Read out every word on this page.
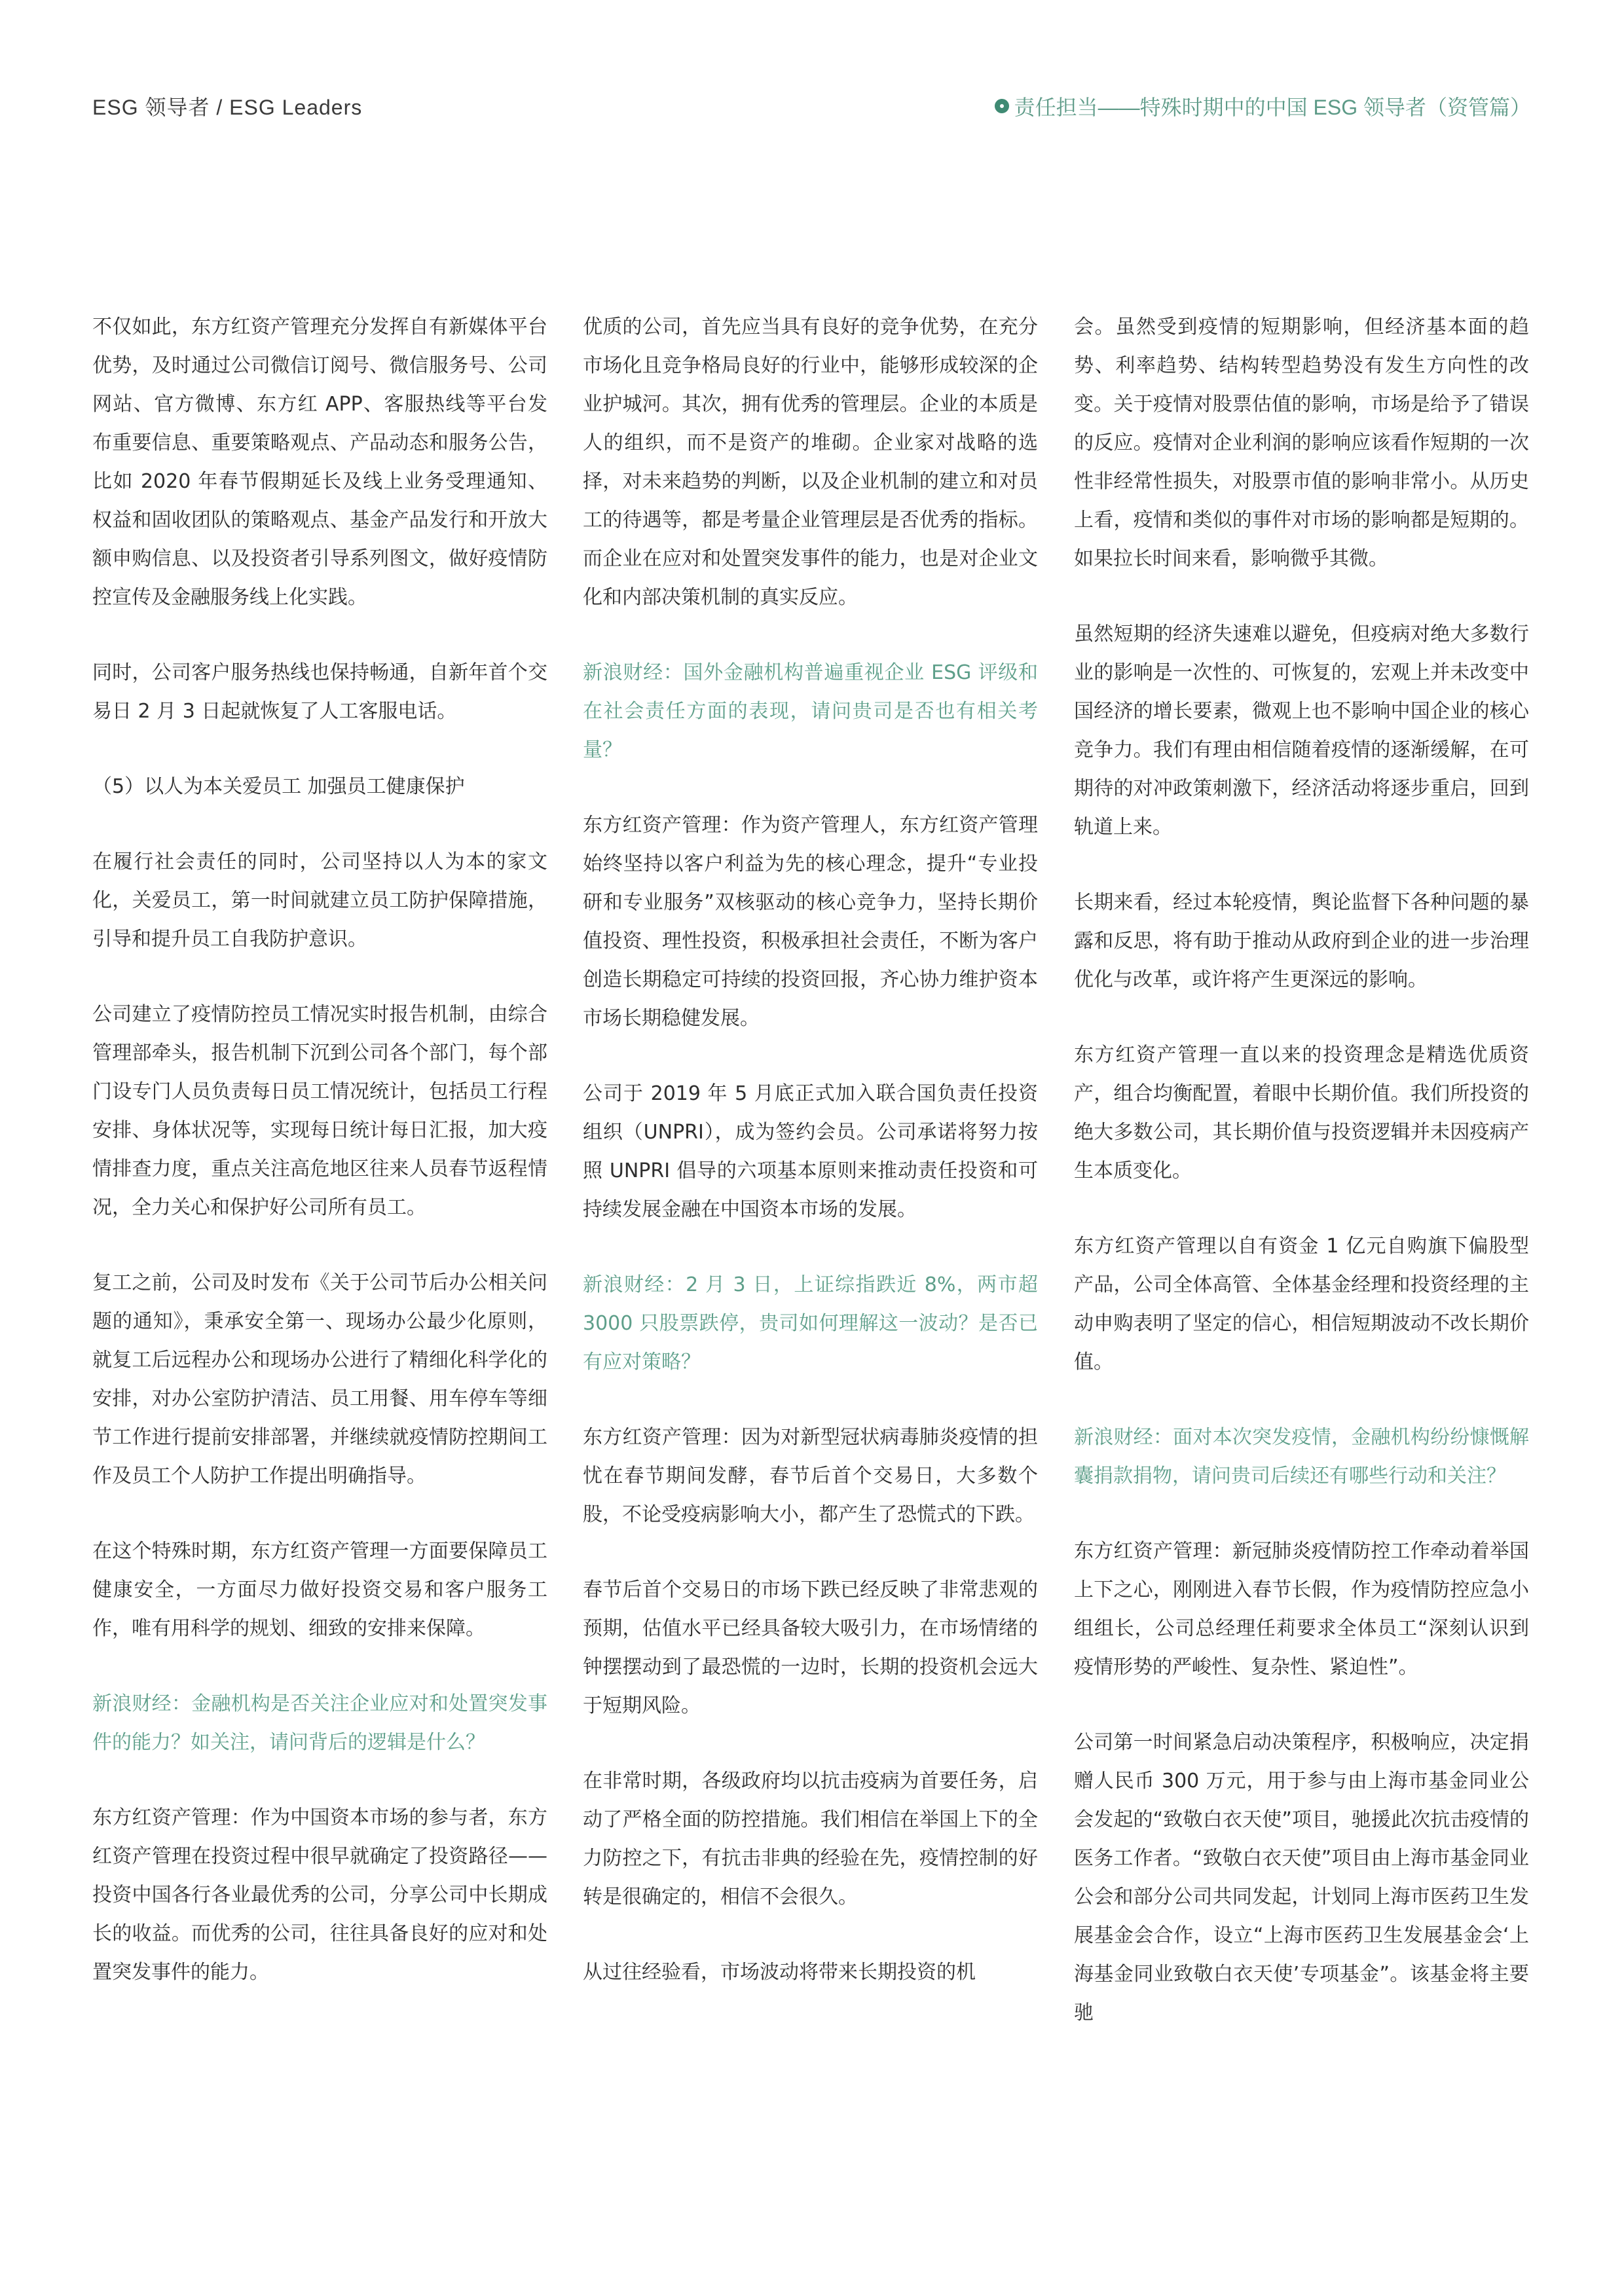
ESG 领导者 / ESG Leaders	责任担当——特殊时期中的中国 ESG 领导者（资管篇）

不仅如此，东方红资产管理充分发挥自有新媒体平台优势，及时通过公司微信订阅号、微信服务号、公司网站、官方微博、东方红 APP、客服热线等平台发布重要信息、重要策略观点、产品动态和服务公告，比如 2020 年春节假期延长及线上业务受理通知、权益和固收团队的策略观点、基金产品发行和开放大额申购信息、以及投资者引导系列图文，做好疫情防控宣传及金融服务线上化实践。

同时，公司客户服务热线也保持畅通，自新年首个交易日 2 月 3 日起就恢复了人工客服电话。

（5）以人为本关爱员工 加强员工健康保护

在履行社会责任的同时，公司坚持以人为本的家文化，关爱员工，第一时间就建立员工防护保障措施，引导和提升员工自我防护意识。

公司建立了疫情防控员工情况实时报告机制，由综合管理部牵头，报告机制下沉到公司各个部门，每个部门设专门人员负责每日员工情况统计，包括员工行程安排、身体状况等，实现每日统计每日汇报，加大疫情排查力度，重点关注高危地区往来人员春节返程情况，全力关心和保护好公司所有员工。

复工之前，公司及时发布《关于公司节后办公相关问题的通知》，秉承安全第一、现场办公最少化原则，就复工后远程办公和现场办公进行了精细化科学化的安排，对办公室防护清洁、员工用餐、用车停车等细节工作进行提前安排部署，并继续就疫情防控期间工作及员工个人防护工作提出明确指导。

在这个特殊时期，东方红资产管理一方面要保障员工健康安全，一方面尽力做好投资交易和客户服务工作，唯有用科学的规划、细致的安排来保障。

新浪财经：金融机构是否关注企业应对和处置突发事件的能力？如关注，请问背后的逻辑是什么？

东方红资产管理：作为中国资本市场的参与者，东方红资产管理在投资过程中很早就确定了投资路径——投资中国各行各业最优秀的公司，分享公司中长期成长的收益。而优秀的公司，往往具备良好的应对和处置突发事件的能力。

优质的公司，首先应当具有良好的竞争优势，在充分市场化且竞争格局良好的行业中，能够形成较深的企业护城河。其次，拥有优秀的管理层。企业的本质是人的组织，而不是资产的堆砌。企业家对战略的选择，对未来趋势的判断，以及企业机制的建立和对员工的待遇等，都是考量企业管理层是否优秀的指标。而企业在应对和处置突发事件的能力，也是对企业文化和内部决策机制的真实反应。

新浪财经：国外金融机构普遍重视企业 ESG 评级和在社会责任方面的表现，请问贵司是否也有相关考量？

东方红资产管理：作为资产管理人，东方红资产管理始终坚持以客户利益为先的核心理念，提升“专业投研和专业服务”双核驱动的核心竞争力，坚持长期价值投资、理性投资，积极承担社会责任，不断为客户创造长期稳定可持续的投资回报，齐心协力维护资本市场长期稳健发展。

公司于 2019 年 5 月底正式加入联合国负责任投资组织（UNPRI），成为签约会员。公司承诺将努力按照 UNPRI 倡导的六项基本原则来推动责任投资和可持续发展金融在中国资本市场的发展。

新浪财经：2 月 3 日，上证综指跌近 8%，两市超 3000 只股票跌停，贵司如何理解这一波动？是否已有应对策略？

东方红资产管理：因为对新型冠状病毒肺炎疫情的担忧在春节期间发酵，春节后首个交易日，大多数个股，不论受疫病影响大小，都产生了恐慌式的下跌。

春节后首个交易日的市场下跌已经反映了非常悲观的预期，估值水平已经具备较大吸引力，在市场情绪的钟摆摆动到了最恐慌的一边时，长期的投资机会远大于短期风险。

在非常时期，各级政府均以抗击疫病为首要任务，启动了严格全面的防控措施。我们相信在举国上下的全力防控之下，有抗击非典的经验在先，疫情控制的好转是很确定的，相信不会很久。

从过往经验看，市场波动将带来长期投资的机

会。虽然受到疫情的短期影响，但经济基本面的趋势、利率趋势、结构转型趋势没有发生方向性的改变。关于疫情对股票估值的影响，市场是给予了错误的反应。疫情对企业利润的影响应该看作短期的一次性非经常性损失，对股票市值的影响非常小。从历史上看，疫情和类似的事件对市场的影响都是短期的。如果拉长时间来看，影响微乎其微。

虽然短期的经济失速难以避免，但疫病对绝大多数行业的影响是一次性的、可恢复的，宏观上并未改变中国经济的增长要素，微观上也不影响中国企业的核心竞争力。我们有理由相信随着疫情的逐渐缓解，在可期待的对冲政策刺激下，经济活动将逐步重启，回到轨道上来。

长期来看，经过本轮疫情，舆论监督下各种问题的暴露和反思，将有助于推动从政府到企业的进一步治理优化与改革，或许将产生更深远的影响。

东方红资产管理一直以来的投资理念是精选优质资产，组合均衡配置，着眼中长期价值。我们所投资的绝大多数公司，其长期价值与投资逻辑并未因疫病产生本质变化。

东方红资产管理以自有资金 1 亿元自购旗下偏股型产品，公司全体高管、全体基金经理和投资经理的主动申购表明了坚定的信心，相信短期波动不改长期价值。

新浪财经：面对本次突发疫情，金融机构纷纷慷慨解囊捐款捐物，请问贵司后续还有哪些行动和关注？

东方红资产管理：新冠肺炎疫情防控工作牵动着举国上下之心，刚刚进入春节长假，作为疫情防控应急小组组长，公司总经理任莉要求全体员工“深刻认识到疫情形势的严峻性、复杂性、紧迫性”。

公司第一时间紧急启动决策程序，积极响应，决定捐赠人民币 300 万元，用于参与由上海市基金同业公会发起的“致敬白衣天使”项目，驰援此次抗击疫情的医务工作者。“致敬白衣天使”项目由上海市基金同业公会和部分公司共同发起，计划同上海市医药卫生发展基金会合作，设立“上海市医药卫生发展基金会‘上海基金同业致敬白衣天使’专项基金”。该基金将主要驰
